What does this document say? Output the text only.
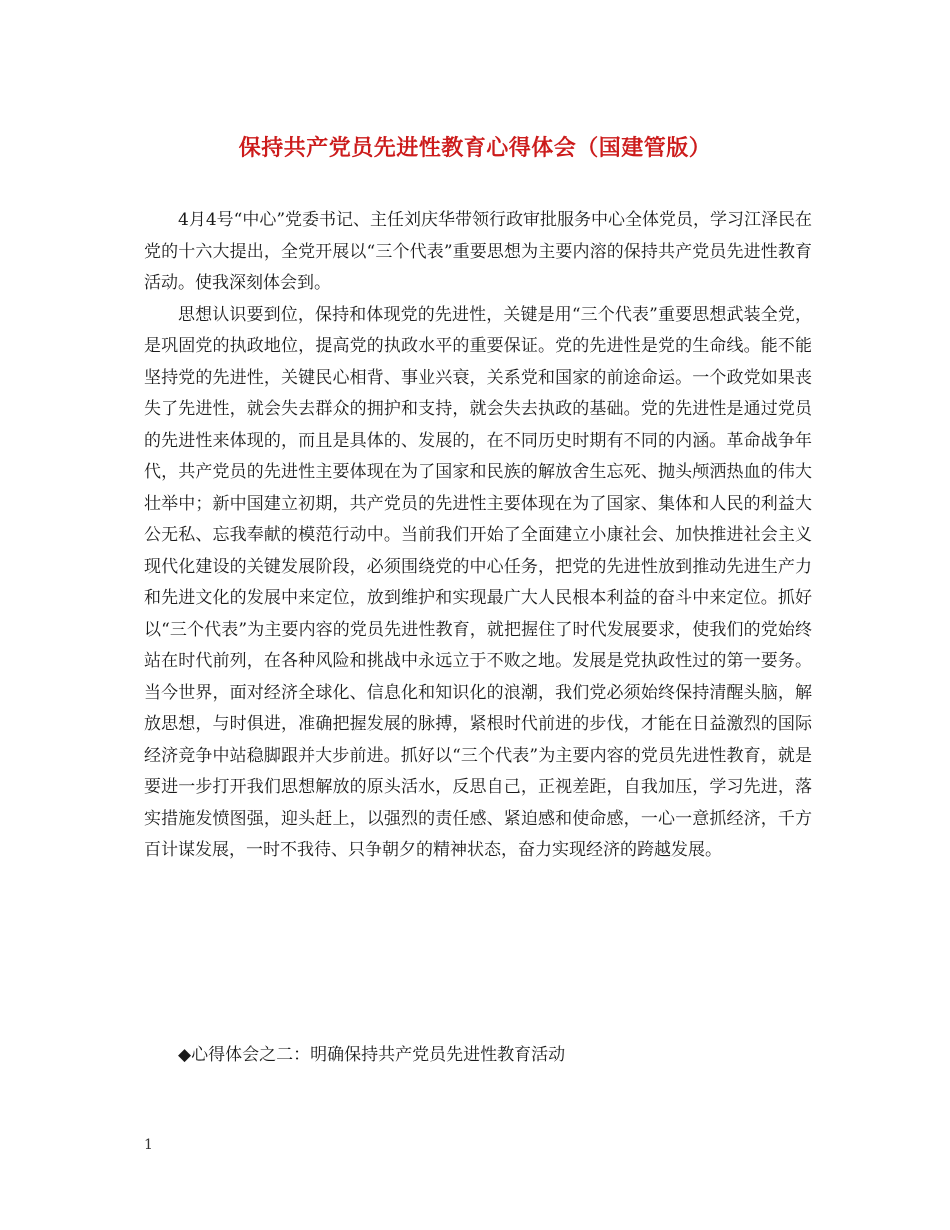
保持共产党员先进性教育心得体会（国建管版）

4月4号“中心”党委书记、主任刘庆华带领行政审批服务中心全体党员，学习江泽民在党的十六大提出，全党开展以“三个代表”重要思想为主要内溶的保持共产党员先进性教育活动。使我深刻体会到。

思想认识要到位，保持和体现党的先进性，关键是用“三个代表”重要思想武装全党，是巩固党的执政地位，提高党的执政水平的重要保证。党的先进性是党的生命线。能不能坚持党的先进性，关键民心相背、事业兴衰，关系党和国家的前途命运。一个政党如果丧失了先进性，就会失去群众的拥护和支持，就会失去执政的基础。党的先进性是通过党员的先进性来体现的，而且是具体的、发展的，在不同历史时期有不同的内涵。革命战争年代，共产党员的先进性主要体现在为了国家和民族的解放舍生忘死、抛头颅洒热血的伟大壮举中；新中国建立初期，共产党员的先进性主要体现在为了国家、集体和人民的利益大公无私、忘我奉献的模范行动中。当前我们开始了全面建立小康社会、加快推进社会主义现代化建设的关键发展阶段，必须围绕党的中心任务，把党的先进性放到推动先进生产力和先进文化的发展中来定位，放到维护和实现最广大人民根本利益的奋斗中来定位。抓好以“三个代表”为主要内容的党员先进性教育，就把握住了时代发展要求，使我们的党始终站在时代前列，在各种风险和挑战中永远立于不败之地。发展是党执政性过的第一要务。当今世界，面对经济全球化、信息化和知识化的浪潮，我们党必须始终保持清醒头脑，解放思想，与时俱进，准确把握发展的脉搏，紧根时代前进的步伐，才能在日益激烈的国际经济竞争中站稳脚跟并大步前进。抓好以“三个代表”为主要内容的党员先进性教育，就是要进一步打开我们思想解放的原头活水，反思自己，正视差距，自我加压，学习先进，落实措施发愤图强，迎头赶上，以强烈的责任感、紧迫感和使命感，一心一意抓经济，千方百计谋发展，一时不我待、只争朝夕的精神状态，奋力实现经济的跨越发展。

◆心得体会之二：明确保持共产党员先进性教育活动
1
